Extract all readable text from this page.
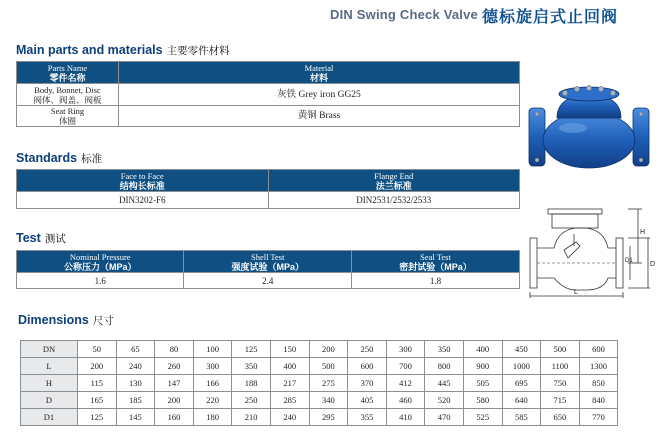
DIN Swing Check Valve 德标旋启式止回阀
Main parts and materials 主要零件材料
Parts Name
零件名称	Material
材料

Body, Bonnet, Disc
阀体、阀盖、阀板	灰铁 Grey iron GG25

Seat Ring
体圈	黄铜 Brass
Standards 标准
Face to Face
结构长标准	Flange End
法兰标准

DIN3202-F6	DIN2531/2532/2533
Test 测试
Nominal Pressure
公称压力（MPa）	Shell Test
强度试验（MPa）	Seal Test
密封试验（MPa）

1.6	2.4	1.8
Dimensions 尺寸
DN	50	65	80	100	125	150	200	250	300	350	400	450	500	600
L	200	240	260	300	350	400	500	600	700	800	900	1000	1100	1300
H	115	130	147	166	188	217	275	370	412	445	505	695	750	850
D	165	185	200	220	250	285	340	405	460	520	580	640	715	840
D1	125	145	160	180	210	240	295	355	410	470	525	585	650	770
L
H
D
D1
